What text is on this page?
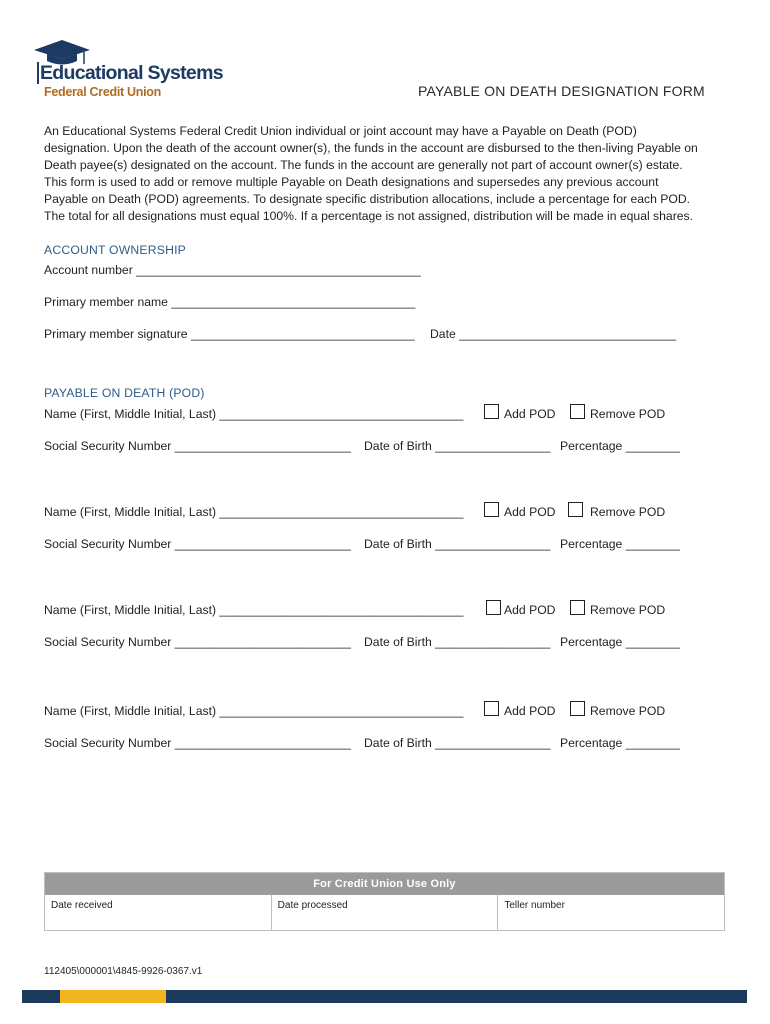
Educational Systems
Federal Credit Union	PAYABLE ON DEATH DESIGNATION FORM

An Educational Systems Federal Credit Union individual or joint account may have a Payable on Death (POD)
designation. Upon the death of the account owner(s), the funds in the account are disbursed to the then-living Payable on
Death payee(s) designated on the account. The funds in the account are generally not part of account owner(s) estate.
This form is used to add or remove multiple Payable on Death designations and supersedes any previous account
Payable on Death (POD) agreements. To designate specific distribution allocations, include a percentage for each POD.
The total for all designations must equal 100%. If a percentage is not assigned, distribution will be made in equal shares.

ACCOUNT OWNERSHIP
Account number __________________________________________
Primary member name ____________________________________
Primary member signature _________________________________ Date ________________________________
PAYABLE ON DEATH (POD)
Name (First, Middle Initial, Last) ____________________________________	Add POD	Remove POD
Social Security Number __________________________ Date of Birth _________________ Percentage ________
Name (First, Middle Initial, Last) ____________________________________	Add POD	Remove POD
Social Security Number __________________________ Date of Birth _________________ Percentage ________
Name (First, Middle Initial, Last) ____________________________________	Add POD	Remove POD
Social Security Number __________________________ Date of Birth _________________ Percentage ________
Name (First, Middle Initial, Last) ____________________________________	Add POD	Remove POD
Social Security Number __________________________ Date of Birth _________________ Percentage ________
For Credit Union Use Only
Date received	Date processed	Teller number
112405\000001\4845-9926-0367.v1
